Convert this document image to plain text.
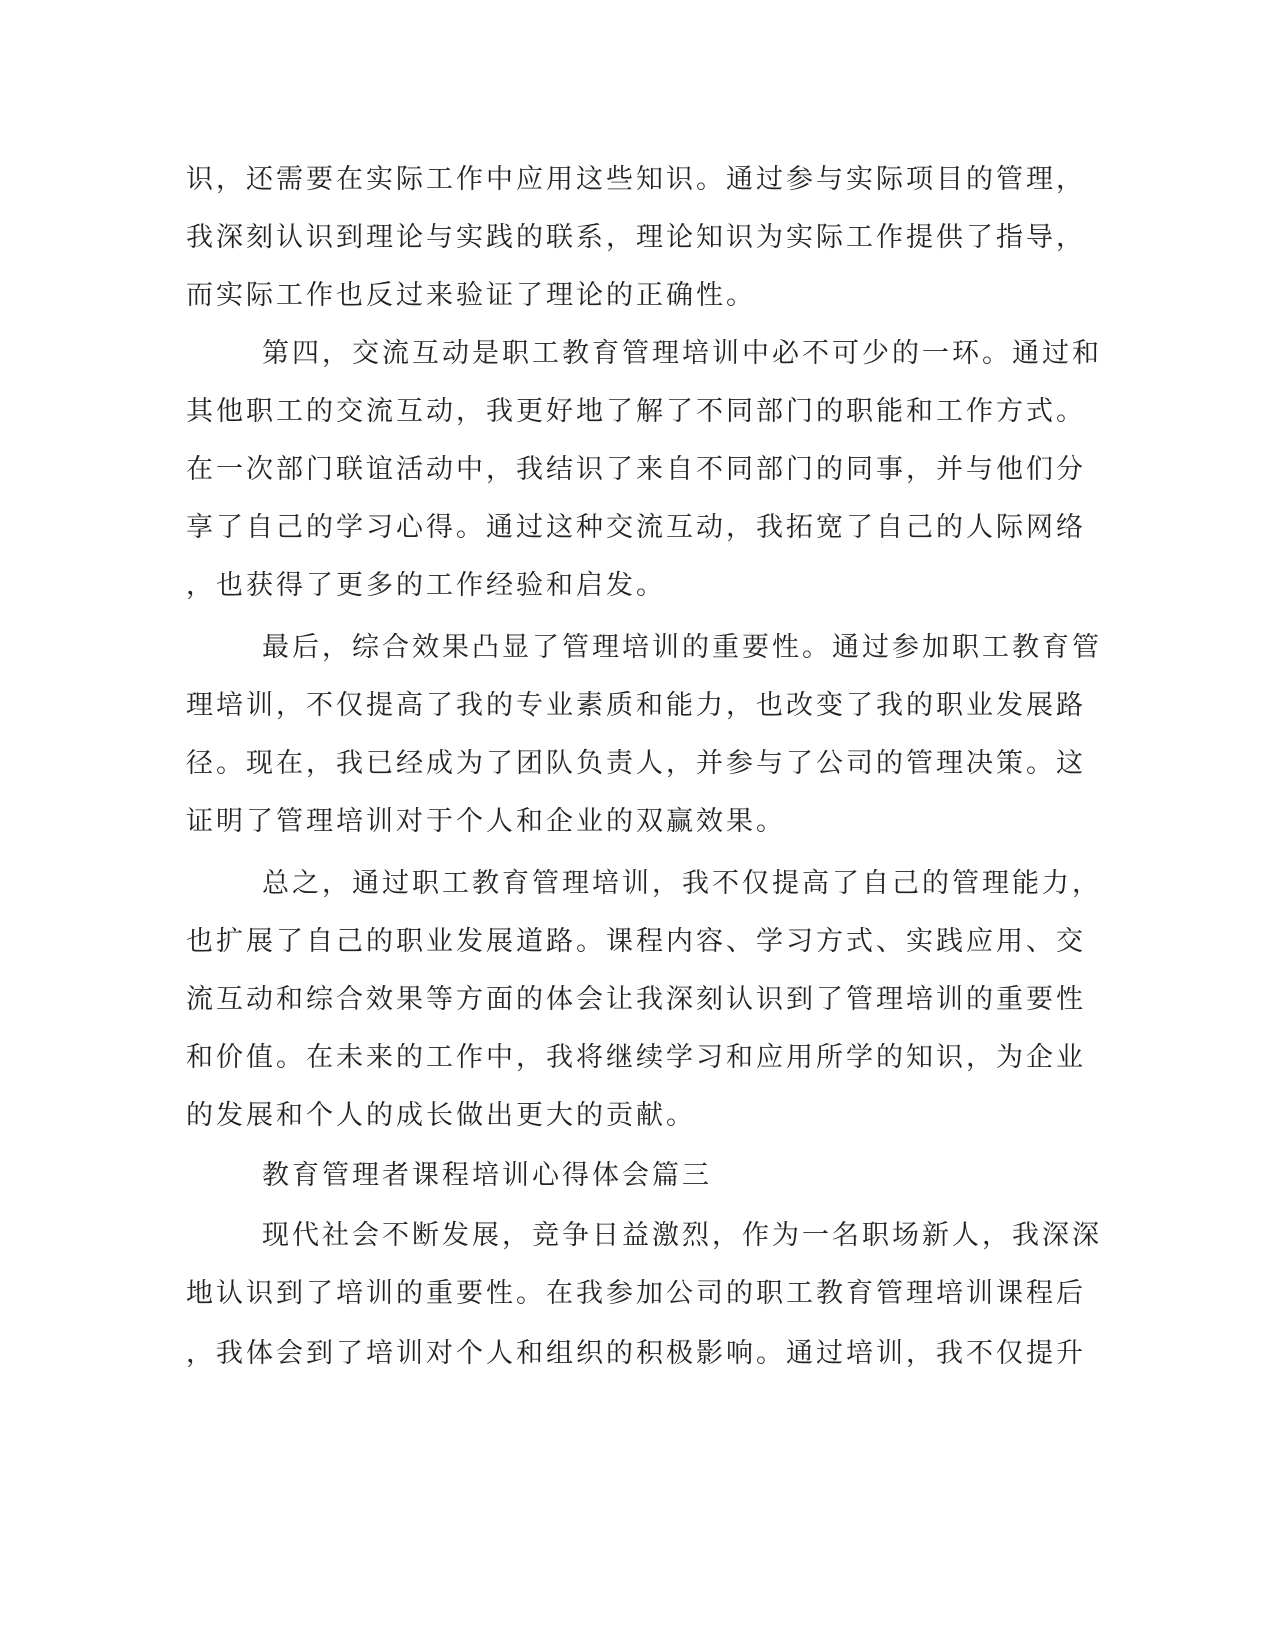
识，还需要在实际工作中应用这些知识。通过参与实际项目的管理，
我深刻认识到理论与实践的联系，理论知识为实际工作提供了指导，
而实际工作也反过来验证了理论的正确性。
第四，交流互动是职工教育管理培训中必不可少的一环。通过和
其他职工的交流互动，我更好地了解了不同部门的职能和工作方式。
在一次部门联谊活动中，我结识了来自不同部门的同事，并与他们分
享了自己的学习心得。通过这种交流互动，我拓宽了自己的人际网络
，也获得了更多的工作经验和启发。
最后，综合效果凸显了管理培训的重要性。通过参加职工教育管
理培训，不仅提高了我的专业素质和能力，也改变了我的职业发展路
径。现在，我已经成为了团队负责人，并参与了公司的管理决策。这
证明了管理培训对于个人和企业的双赢效果。
总之，通过职工教育管理培训，我不仅提高了自己的管理能力，
也扩展了自己的职业发展道路。课程内容、学习方式、实践应用、交
流互动和综合效果等方面的体会让我深刻认识到了管理培训的重要性
和价值。在未来的工作中，我将继续学习和应用所学的知识，为企业
的发展和个人的成长做出更大的贡献。
教育管理者课程培训心得体会篇三
现代社会不断发展，竞争日益激烈，作为一名职场新人，我深深
地认识到了培训的重要性。在我参加公司的职工教育管理培训课程后
，我体会到了培训对个人和组织的积极影响。通过培训，我不仅提升
